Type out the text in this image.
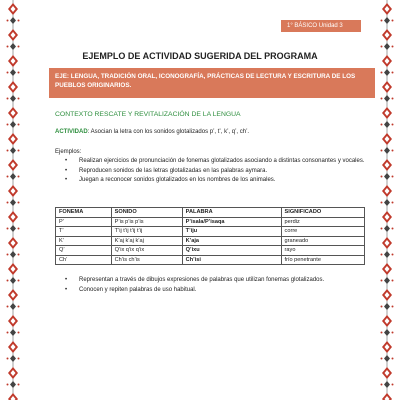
1° BÁSICO Unidad 3
EJEMPLO DE ACTIVIDAD SUGERIDA DEL PROGRAMA
EJE: LENGUA, TRADICIÓN ORAL, ICONOGRAFÍA, PRÁCTICAS DE LECTURA Y ESCRITURA DE LOS PUEBLOS ORIGINARIOS.
CONTEXTO RESCATE Y REVITALIZACIÓN DE LA LENGUA
ACTIVIDAD: Asocian la letra con los sonidos glotalizados p’, t’, k’, q’, ch’.
Ejemplos:
• Realizan ejercicios de pronunciación de fonemas glotalizados asociando a distintas consonantes y vocales.
• Reproducen sonidos de las letras glotalizadas en las palabras aymara.
• Juegan a reconocer sonidos glotalizados en los nombres de los animales.
FONEMA	SONIDO	PALABRA	SIGNIFICADO
P’	P’is p’is p’is	P’isala/P’isaqa	perdiz
T’	T’ij t’ij t’ij t’ij	T’iju	corre
K’	K’aj k’aj k’aj	K’aja	graneado
Q’	Q’ix q’ix q’ix	Q’ixu	rayo
Ch’	Ch’is ch’is	Ch’isi	frío penetrante
• Representan a través de dibujos expresiones de palabras que utilizan fonemas glotalizados.
• Conocen y repiten palabras de uso habitual.
